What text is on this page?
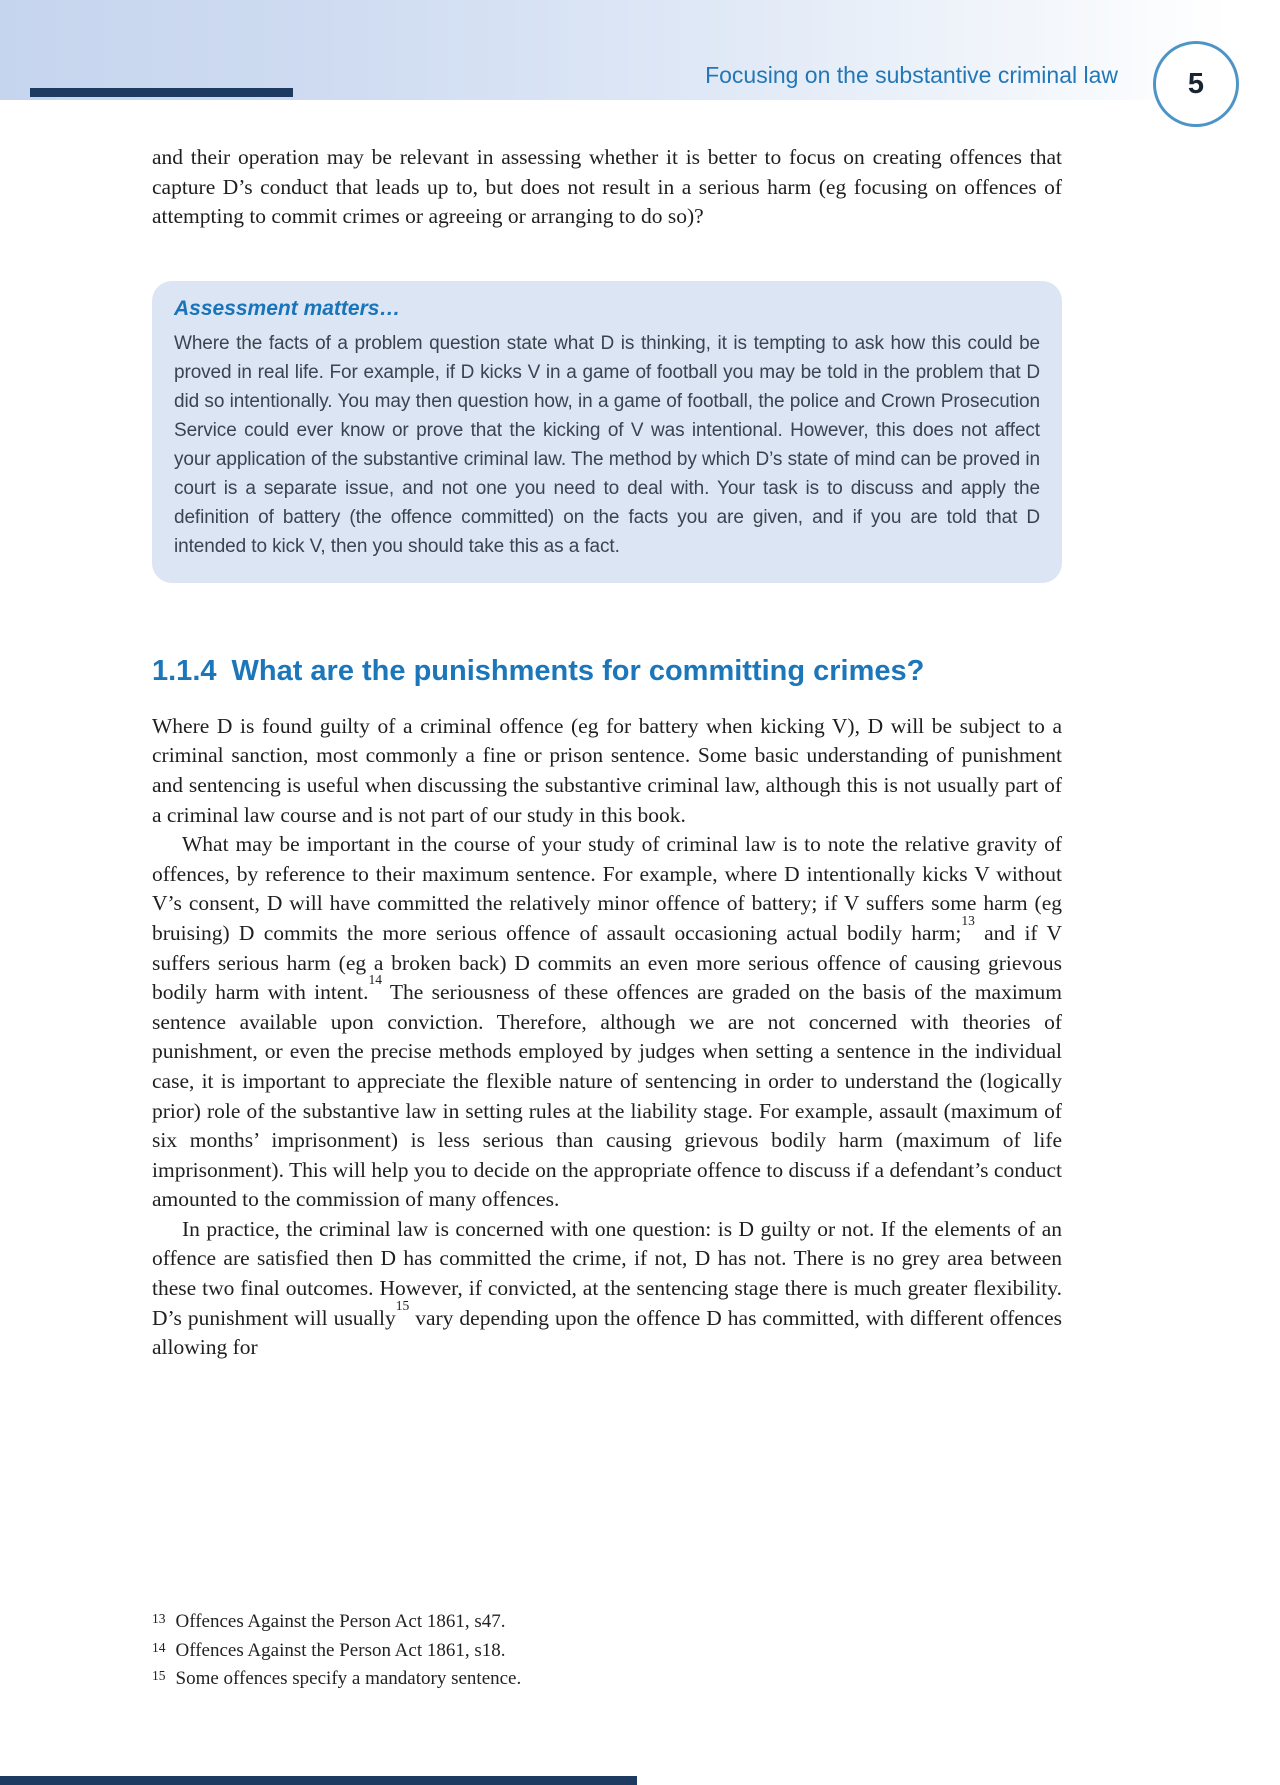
Focusing on the substantive criminal law 5

and their operation may be relevant in assessing whether it is better to focus on creating offences that capture D’s conduct that leads up to, but does not result in a serious harm (eg focusing on offences of attempting to commit crimes or agreeing or arranging to do so)?

Assessment matters…

Where the facts of a problem question state what D is thinking, it is tempting to ask how this could be proved in real life. For example, if D kicks V in a game of football you may be told in the problem that D did so intentionally. You may then question how, in a game of football, the police and Crown Prosecution Service could ever know or prove that the kicking of V was intentional. However, this does not affect your application of the substantive criminal law. The method by which D’s state of mind can be proved in court is a separate issue, and not one you need to deal with. Your task is to discuss and apply the definition of battery (the offence committed) on the facts you are given, and if you are told that D intended to kick V, then you should take this as a fact.

1.1.4 What are the punishments for committing crimes?

Where D is found guilty of a criminal offence (eg for battery when kicking V), D will be subject to a criminal sanction, most commonly a fine or prison sentence. Some basic understanding of punishment and sentencing is useful when discussing the substantive criminal law, although this is not usually part of a criminal law course and is not part of our study in this book.

What may be important in the course of your study of criminal law is to note the relative gravity of offences, by reference to their maximum sentence. For example, where D intentionally kicks V without V’s consent, D will have committed the relatively minor offence of battery; if V suffers some harm (eg bruising) D commits the more serious offence of assault occasioning actual bodily harm;$^{13}$ and if V suffers serious harm (eg a broken back) D commits an even more serious offence of causing grievous bodily harm with intent.$^{14}$ The seriousness of these offences are graded on the basis of the maximum sentence available upon conviction. Therefore, although we are not concerned with theories of punishment, or even the precise methods employed by judges when setting a sentence in the individual case, it is important to appreciate the flexible nature of sentencing in order to understand the (logically prior) role of the substantive law in setting rules at the liability stage. For example, assault (maximum of six months’ imprisonment) is less serious than causing grievous bodily harm (maximum of life imprisonment). This will help you to decide on the appropriate offence to discuss if a defendant’s conduct amounted to the commission of many offences.

In practice, the criminal law is concerned with one question: is D guilty or not. If the elements of an offence are satisfied then D has committed the crime, if not, D has not. There is no grey area between these two final outcomes. However, if convicted, at the sentencing stage there is much greater flexibility. D’s punishment will usually$^{15}$ vary depending upon the offence D has committed, with different offences allowing for

$^{13}$ Offences Against the Person Act 1861, s47.
$^{14}$ Offences Against the Person Act 1861, s18.
$^{15}$ Some offences specify a mandatory sentence.
